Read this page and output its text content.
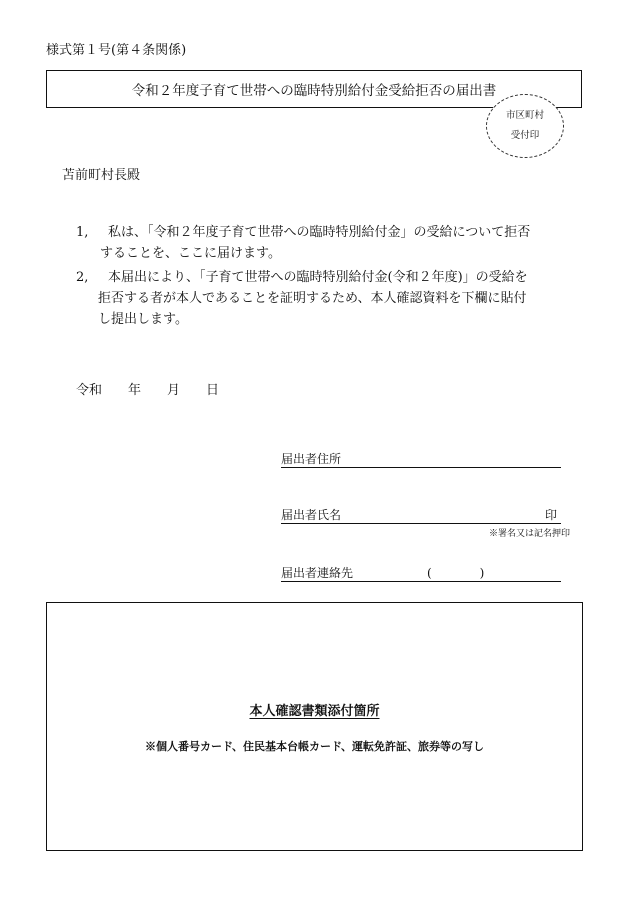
様式第１号(第４条関係)
令和２年度子育て世帯への臨時特別給付金受給拒否の届出書
市区町村
受付印
苫前町村長殿
1,	私は、「令和２年度子育て世帯への臨時特別給付金」の受給について拒否
することを、ここに届けます。
2,	本届出により、「子育て世帯への臨時特別給付金(令和２年度)」の受給を
拒否する者が本人であることを証明するため、本人確認資料を下欄に貼付
し提出します。
令和 年 月 日
届出者住所
届出者氏名	印
※署名又は記名押印
届出者連絡先	(　　　　)
本人確認書類添付箇所
※個人番号カード、住民基本台帳カード、運転免許証、旅券等の写し
